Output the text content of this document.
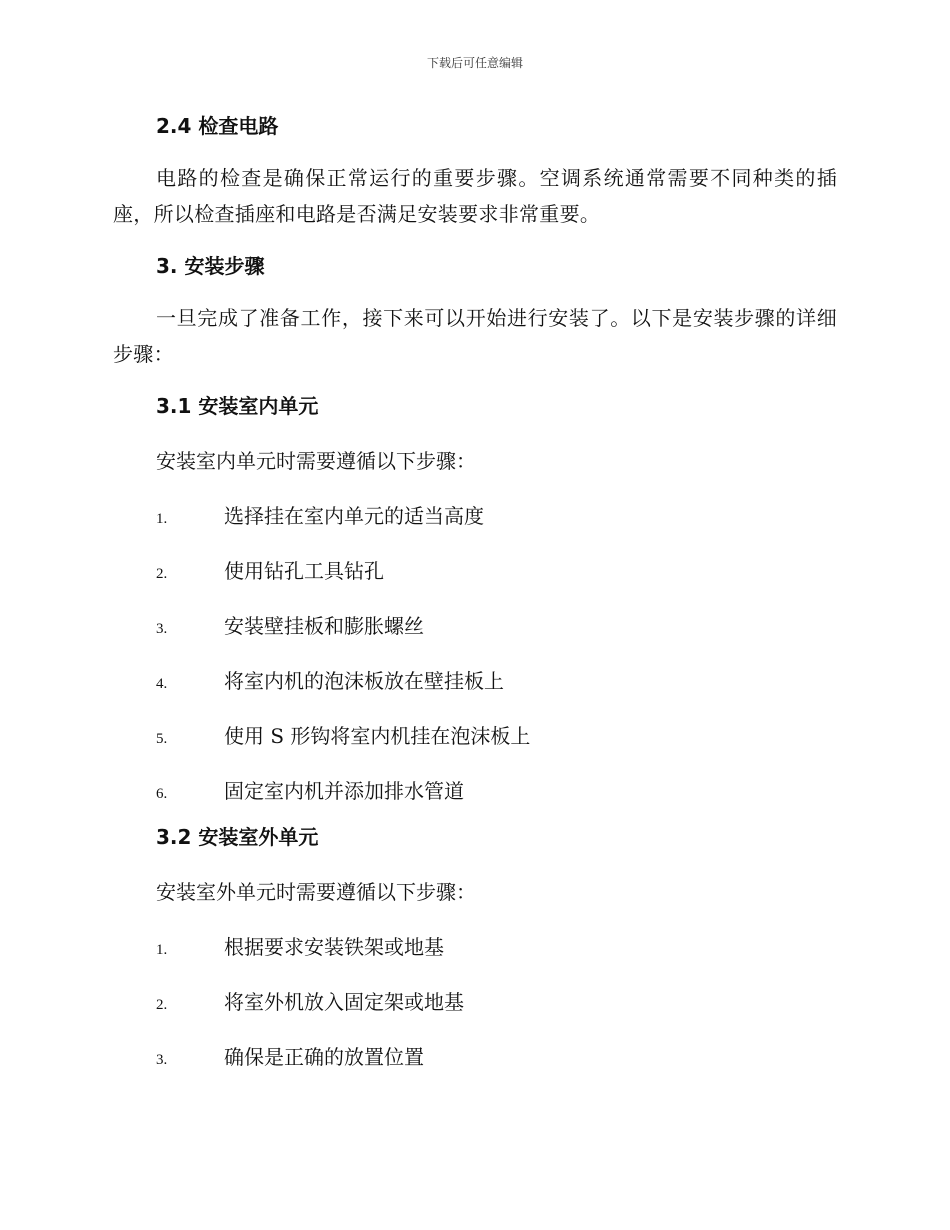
下载后可任意编辑
2.4 检查电路

电路的检查是确保正常运行的重要步骤。空调系统通常需要不同种类的插座，所以检查插座和电路是否满足安装要求非常重要。

3. 安装步骤

一旦完成了准备工作，接下来可以开始进行安装了。以下是安装步骤的详细步骤：

3.1 安装室内单元

安装室内单元时需要遵循以下步骤：

1.	选择挂在室内单元的适当高度
2.	使用钻孔工具钻孔
3.	安装壁挂板和膨胀螺丝
4.	将室内机的泡沫板放在壁挂板上
5.	使用 S 形钩将室内机挂在泡沫板上
6.	固定室内机并添加排水管道
3.2 安装室外单元

安装室外单元时需要遵循以下步骤：

1.	根据要求安装铁架或地基
2.	将室外机放入固定架或地基
3.	确保是正确的放置位置
